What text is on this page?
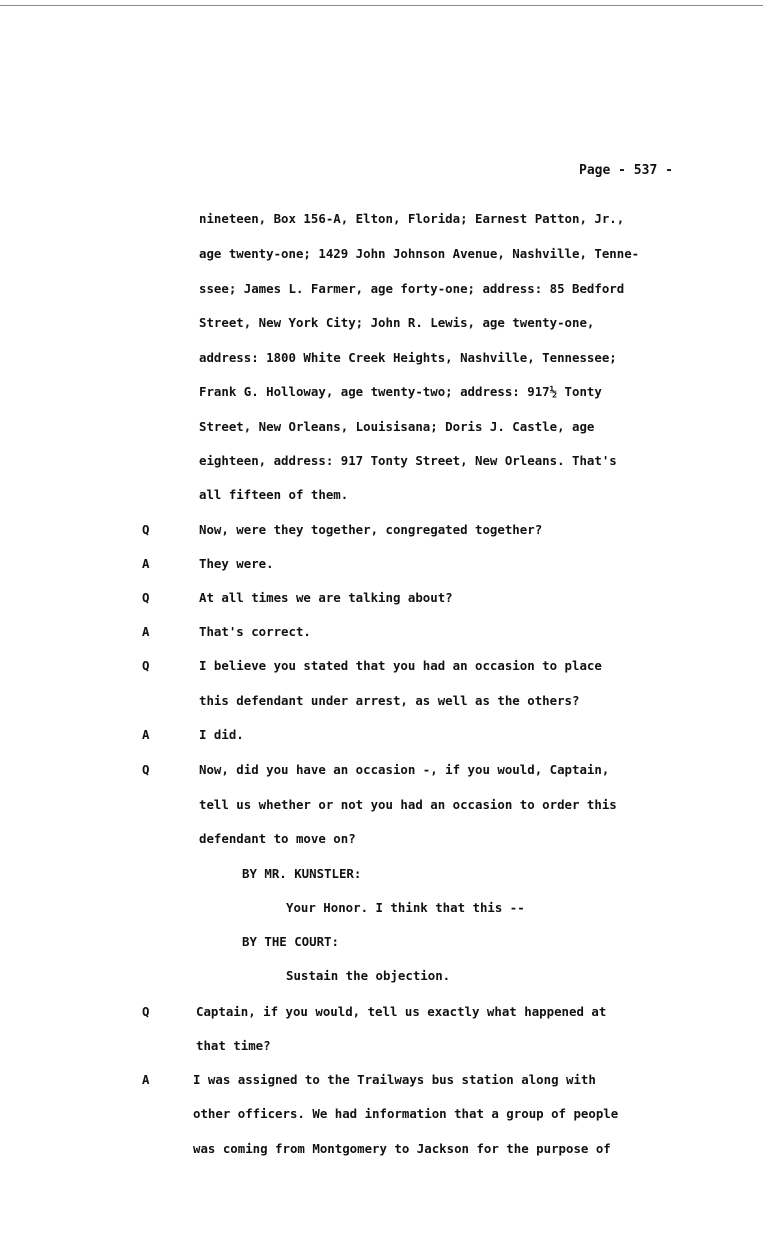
Page - 537 -
nineteen, Box 156-A, Elton, Florida; Earnest Patton, Jr.,
age twenty-one; 1429 John Johnson Avenue, Nashville, Tenne-
ssee; James L. Farmer, age forty-one; address: 85 Bedford
Street, New York City; John R. Lewis, age twenty-one,
address: 1800 White Creek Heights, Nashville, Tennessee;
Frank G. Holloway, age twenty-two; address: 917½ Tonty
Street, New Orleans, Louisisana; Doris J. Castle, age
eighteen, address: 917 Tonty Street, New Orleans. That's
all fifteen of them.
Q	Now, were they together, congregated together?
A	They were.
Q	At all times we are talking about?
A	That's correct.
Q	I believe you stated that you had an occasion to place
this defendant under arrest, as well as the others?
A	I did.
Q	Now, did you have an occasion -, if you would, Captain,
tell us whether or not you had an occasion to order this
defendant to move on?
BY MR. KUNSTLER:
Your Honor. I think that this --
BY THE COURT:
Sustain the objection.
Q	Captain, if you would, tell us exactly what happened at
that time?
A	I was assigned to the Trailways bus station along with
other officers. We had information that a group of people
was coming from Montgomery to Jackson for the purpose of
